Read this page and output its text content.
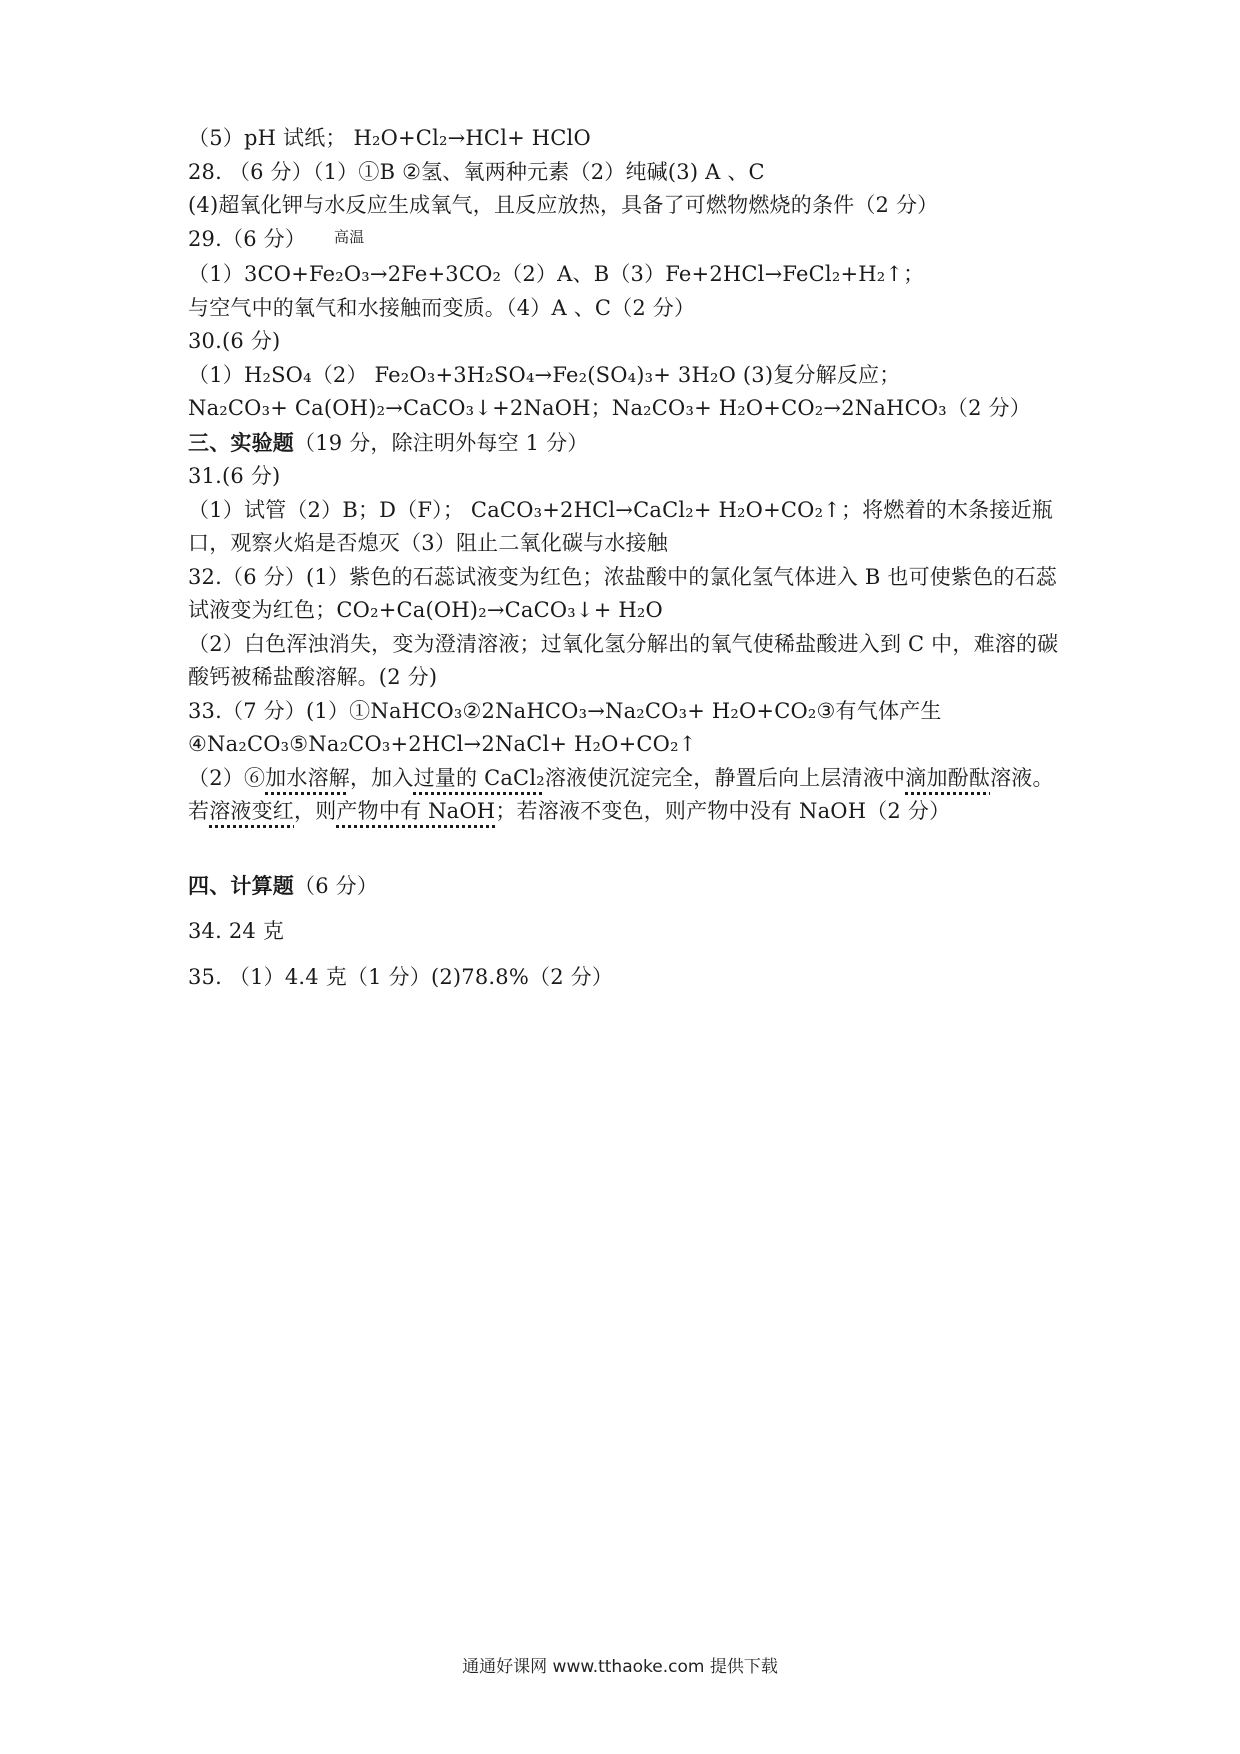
（5）pH 试纸； H₂O+Cl₂→HCl+ HClO
28. （6 分）（1）①B ②氢、氧两种元素（2）纯碱(3) A 、C
(4)超氧化钾与水反应生成氧气，且反应放热，具备了可燃物燃烧的条件（2 分）
29.（6 分） 高温
（1）3CO+Fe₂O₃→2Fe+3CO₂（2）A、B（3）Fe+2HCl→FeCl₂+H₂↑；
与空气中的氧气和水接触而变质。（4）A 、C（2 分）
30.(6 分)
（1）H₂SO₄（2） Fe₂O₃+3H₂SO₄→Fe₂(SO₄)₃+ 3H₂O (3)复分解反应；
Na₂CO₃+ Ca(OH)₂→CaCO₃↓+2NaOH；Na₂CO₃+ H₂O+CO₂→2NaHCO₃（2 分）
三、实验题（19 分，除注明外每空 1 分）
31.(6 分)
（1）试管（2）B；D（F）； CaCO₃+2HCl→CaCl₂+ H₂O+CO₂↑；将燃着的木条接近瓶口，观察火焰是否熄灭（3）阻止二氧化碳与水接触
32.（6 分）(1）紫色的石蕊试液变为红色；浓盐酸中的氯化氢气体进入 B 也可使紫色的石蕊试液变为红色；CO₂+Ca(OH)₂→CaCO₃↓+ H₂O
（2）白色浑浊消失，变为澄清溶液；过氧化氢分解出的氧气使稀盐酸进入到 C 中，难溶的碳酸钙被稀盐酸溶解。(2 分)
33.（7 分）(1）①NaHCO₃②2NaHCO₃→Na₂CO₃+ H₂O+CO₂③有气体产生
④Na₂CO₃⑤Na₂CO₃+2HCl→2NaCl+ H₂O+CO₂↑
（2）⑥加水溶解，加入过量的 CaCl₂溶液使沉淀完全，静置后向上层清液中滴加酚酞溶液。
若溶液变红，则产物中有 NaOH；若溶液不变色，则产物中没有 NaOH（2 分）
四、计算题（6 分）
34. 24 克
35. （1）4.4 克（1 分）(2)78.8%（2 分）
通通好课网 www.tthaoke.com 提供下载
